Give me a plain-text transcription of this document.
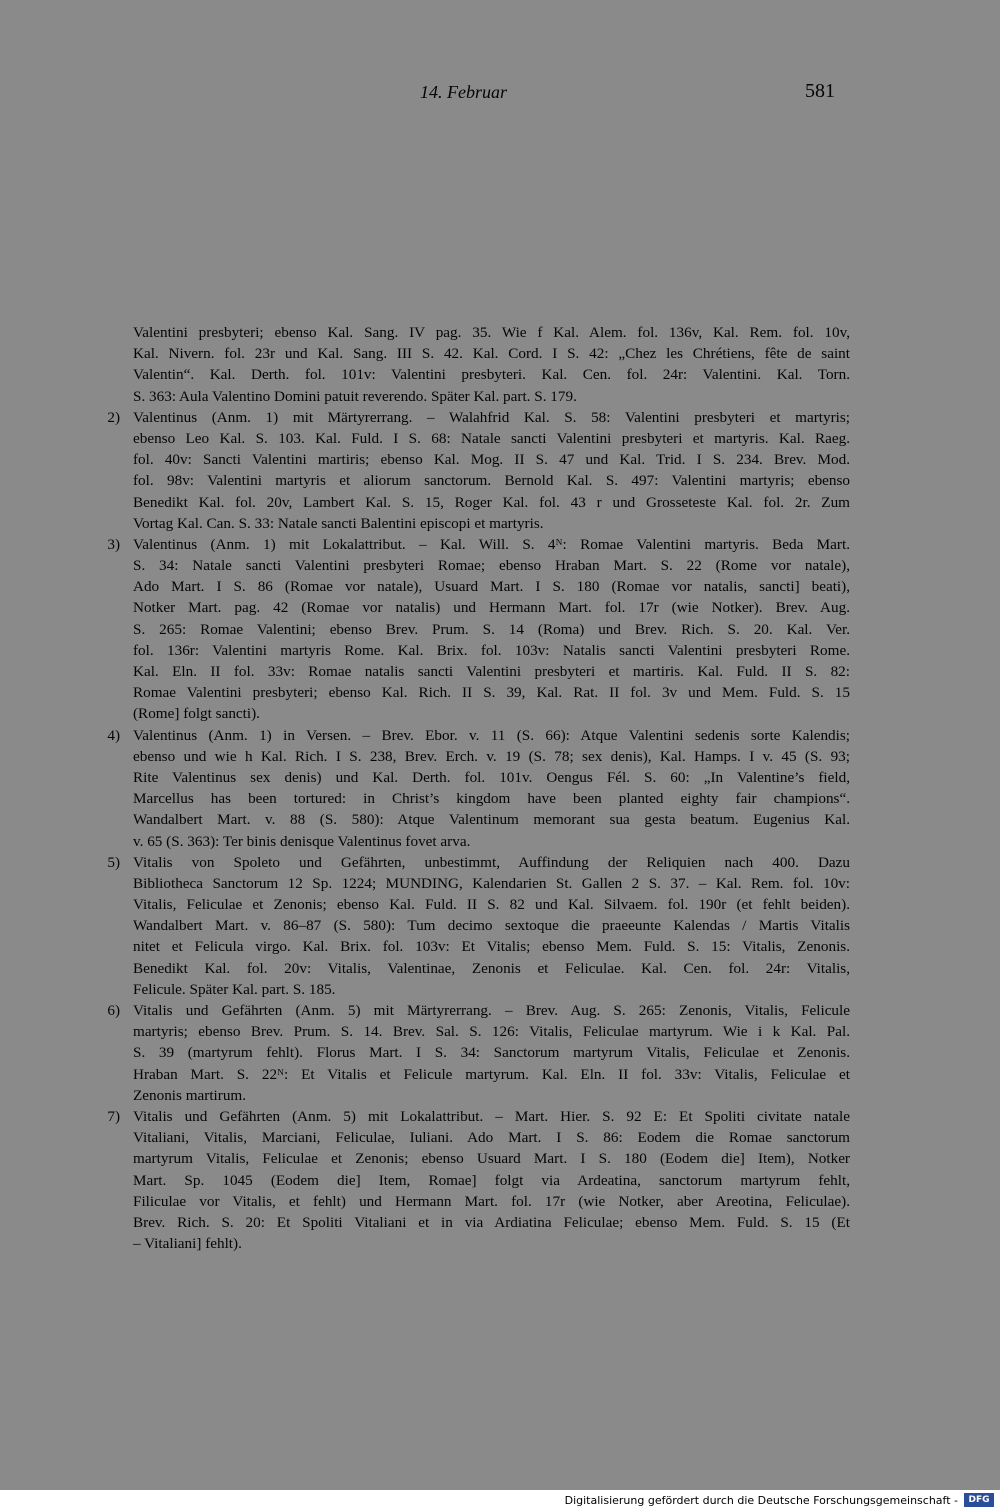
14. Februar	581
Valentini presbyteri; ebenso Kal. Sang. IV pag. 35. Wie f Kal. Alem. fol. 136v, Kal. Rem. fol. 10v,
Kal. Nivern. fol. 23r und Kal. Sang. III S. 42. Kal. Cord. I S. 42: „Chez les Chrétiens, fête de saint
Valentin“. Kal. Derth. fol. 101v: Valentini presbyteri. Kal. Cen. fol. 24r: Valentini. Kal. Torn.
S. 363: Aula Valentino Domini patuit reverendo. Später Kal. part. S. 179.
2) Valentinus (Anm. 1) mit Märtyrerrang. – Walahfrid Kal. S. 58: Valentini presbyteri et martyris;
ebenso Leo Kal. S. 103. Kal. Fuld. I S. 68: Natale sancti Valentini presbyteri et martyris. Kal. Raeg.
fol. 40v: Sancti Valentini martiris; ebenso Kal. Mog. II S. 47 und Kal. Trid. I S. 234. Brev. Mod.
fol. 98v: Valentini martyris et aliorum sanctorum. Bernold Kal. S. 497: Valentini martyris; ebenso
Benedikt Kal. fol. 20v, Lambert Kal. S. 15, Roger Kal. fol. 43 r und Grosseteste Kal. fol. 2r. Zum
Vortag Kal. Can. S. 33: Natale sancti Balentini episcopi et martyris.
3) Valentinus (Anm. 1) mit Lokalattribut. – Kal. Will. S. 4ᴺ: Romae Valentini martyris. Beda Mart.
S. 34: Natale sancti Valentini presbyteri Romae; ebenso Hraban Mart. S. 22 (Rome vor natale),
Ado Mart. I S. 86 (Romae vor natale), Usuard Mart. I S. 180 (Romae vor natalis, sancti] beati),
Notker Mart. pag. 42 (Romae vor natalis) und Hermann Mart. fol. 17r (wie Notker). Brev. Aug.
S. 265: Romae Valentini; ebenso Brev. Prum. S. 14 (Roma) und Brev. Rich. S. 20. Kal. Ver.
fol. 136r: Valentini martyris Rome. Kal. Brix. fol. 103v: Natalis sancti Valentini presbyteri Rome.
Kal. Eln. II fol. 33v: Romae natalis sancti Valentini presbyteri et martiris. Kal. Fuld. II S. 82:
Romae Valentini presbyteri; ebenso Kal. Rich. II S. 39, Kal. Rat. II fol. 3v und Mem. Fuld. S. 15
(Rome] folgt sancti).
4) Valentinus (Anm. 1) in Versen. – Brev. Ebor. v. 11 (S. 66): Atque Valentini sedenis sorte Kalendis;
ebenso und wie h Kal. Rich. I S. 238, Brev. Erch. v. 19 (S. 78; sex denis), Kal. Hamps. I v. 45 (S. 93;
Rite Valentinus sex denis) und Kal. Derth. fol. 101v. Oengus Fél. S. 60: „In Valentine’s field,
Marcellus has been tortured: in Christ’s kingdom have been planted eighty fair champions“.
Wandalbert Mart. v. 88 (S. 580): Atque Valentinum memorant sua gesta beatum. Eugenius Kal.
v. 65 (S. 363): Ter binis denisque Valentinus fovet arva.
5) Vitalis von Spoleto und Gefährten, unbestimmt, Auffindung der Reliquien nach 400. Dazu
Bibliotheca Sanctorum 12 Sp. 1224; MUNDING, Kalendarien St. Gallen 2 S. 37. – Kal. Rem. fol. 10v:
Vitalis, Feliculae et Zenonis; ebenso Kal. Fuld. II S. 82 und Kal. Silvaem. fol. 190r (et fehlt beiden).
Wandalbert Mart. v. 86–87 (S. 580): Tum decimo sextoque die praeeunte Kalendas / Martis Vitalis
nitet et Felicula virgo. Kal. Brix. fol. 103v: Et Vitalis; ebenso Mem. Fuld. S. 15: Vitalis, Zenonis.
Benedikt Kal. fol. 20v: Vitalis, Valentinae, Zenonis et Feliculae. Kal. Cen. fol. 24r: Vitalis,
Felicule. Später Kal. part. S. 185.
6) Vitalis und Gefährten (Anm. 5) mit Märtyrerrang. – Brev. Aug. S. 265: Zenonis, Vitalis, Felicule
martyris; ebenso Brev. Prum. S. 14. Brev. Sal. S. 126: Vitalis, Feliculae martyrum. Wie i k Kal. Pal.
S. 39 (martyrum fehlt). Florus Mart. I S. 34: Sanctorum martyrum Vitalis, Feliculae et Zenonis.
Hraban Mart. S. 22ᴺ: Et Vitalis et Felicule martyrum. Kal. Eln. II fol. 33v: Vitalis, Feliculae et
Zenonis martirum.
7) Vitalis und Gefährten (Anm. 5) mit Lokalattribut. – Mart. Hier. S. 92 E: Et Spoliti civitate natale
Vitaliani, Vitalis, Marciani, Feliculae, Iuliani. Ado Mart. I S. 86: Eodem die Romae sanctorum
martyrum Vitalis, Feliculae et Zenonis; ebenso Usuard Mart. I S. 180 (Eodem die] Item), Notker
Mart. Sp. 1045 (Eodem die] Item, Romae] folgt via Ardeatina, sanctorum martyrum fehlt,
Filiculae vor Vitalis, et fehlt) und Hermann Mart. fol. 17r (wie Notker, aber Areotina, Feliculae).
Brev. Rich. S. 20: Et Spoliti Vitaliani et in via Ardiatina Feliculae; ebenso Mem. Fuld. S. 15 (Et
– Vitaliani] fehlt).
Digitalisierung gefördert durch die Deutsche Forschungsgemeinschaft -	DFG
